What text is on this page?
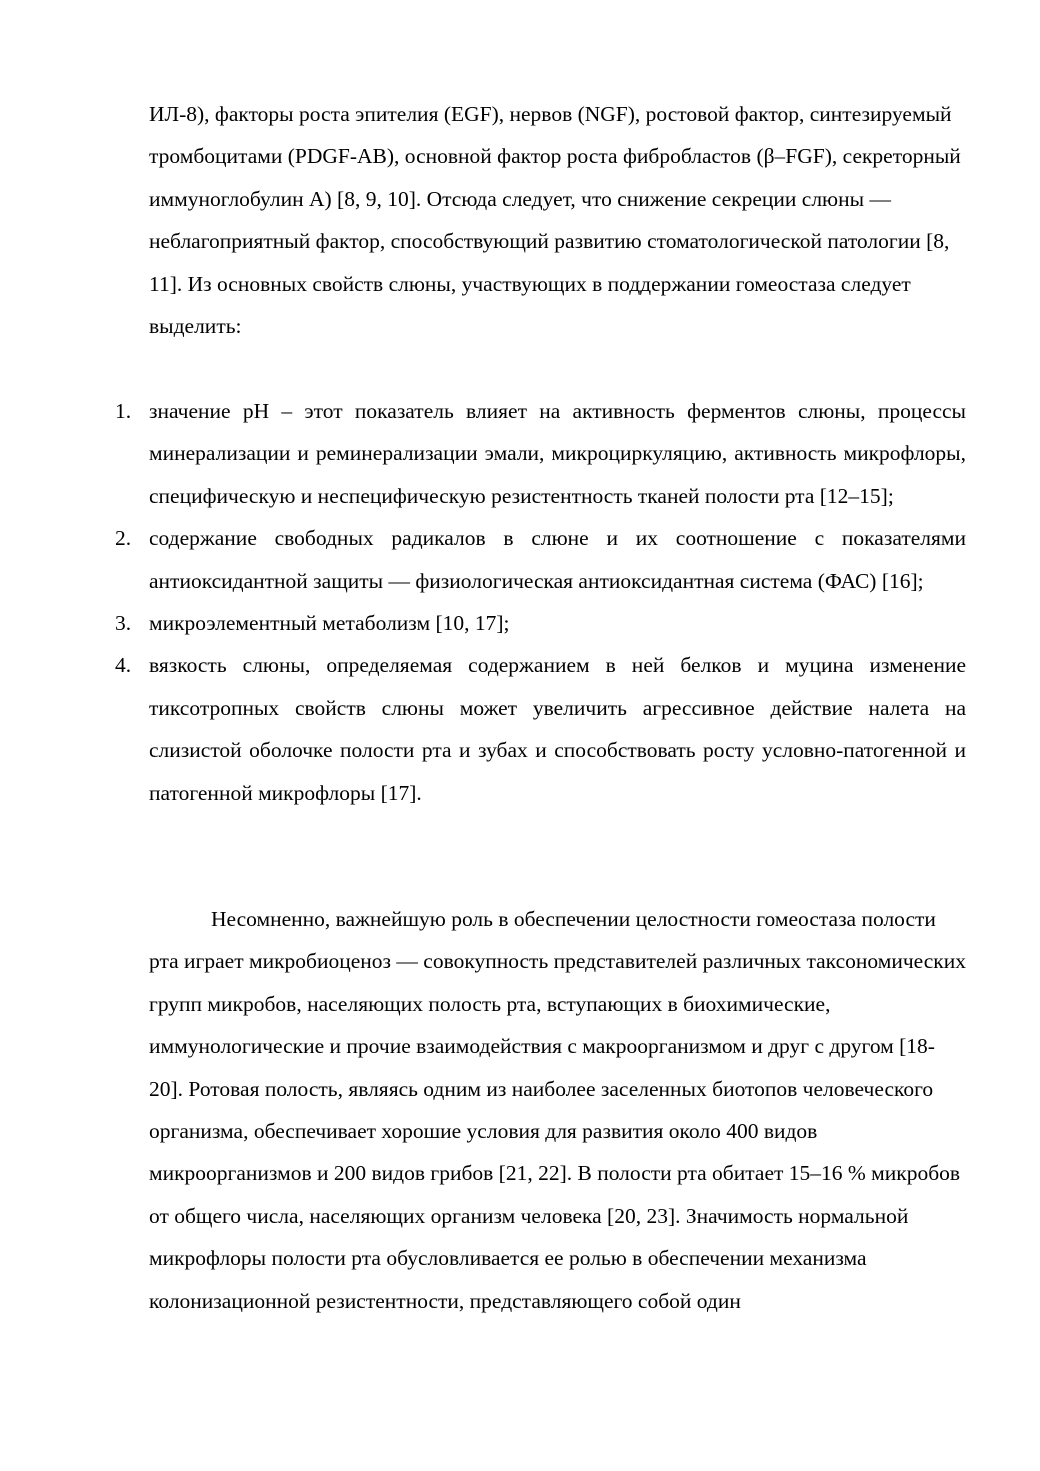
ИЛ-8), факторы роста эпителия (EGF), нервов (NGF), ростовой фактор, синтезируемый тромбоцитами (PDGF-AB), основной фактор роста фибробластов (β⎯FGF), секреторный иммуноглобулин А) [8, 9, 10]. Отсюда следует, что снижение секреции слюны — неблагоприятный фактор, способствующий развитию стоматологической патологии [8, 11]. Из основных свойств слюны, участвующих в поддержании гомеостаза следует выделить:

1. значение рН – этот показатель влияет на активность ферментов слюны, процессы минерализации и реминерализации эмали, микроциркуляцию, активность микрофлоры, специфическую и неспецифическую резистентность тканей полости рта [12–15];
2. содержание свободных радикалов в слюне и их соотношение с показателями антиоксидантной защиты — физиологическая антиоксидантная система (ФАС) [16];
3. микроэлементный метаболизм [10, 17];
4. вязкость слюны, определяемая содержанием в ней белков и муцина изменение тиксотропных свойств слюны может увеличить агрессивное действие налета на слизистой оболочке полости рта и зубах и способствовать росту условно-патогенной и патогенной микрофлоры [17].

Несомненно, важнейшую роль в обеспечении целостности гомеостаза полости рта играет микробиоценоз — совокупность представителей различных таксономических групп микробов, населяющих полость рта, вступающих в биохимические, иммунологические и прочие взаимодействия с макроорганизмом и друг с другом [18-20]. Ротовая полость, являясь одним из наиболее заселенных биотопов человеческого организма, обеспечивает хорошие условия для развития около 400 видов микроорганизмов и 200 видов грибов [21, 22]. В полости рта обитает 15–16 % микробов от общего числа, населяющих организм человека [20, 23]. Значимость нормальной микрофлоры полости рта обусловливается ее ролью в обеспечении механизма колонизационной резистентности, представляющего собой один
